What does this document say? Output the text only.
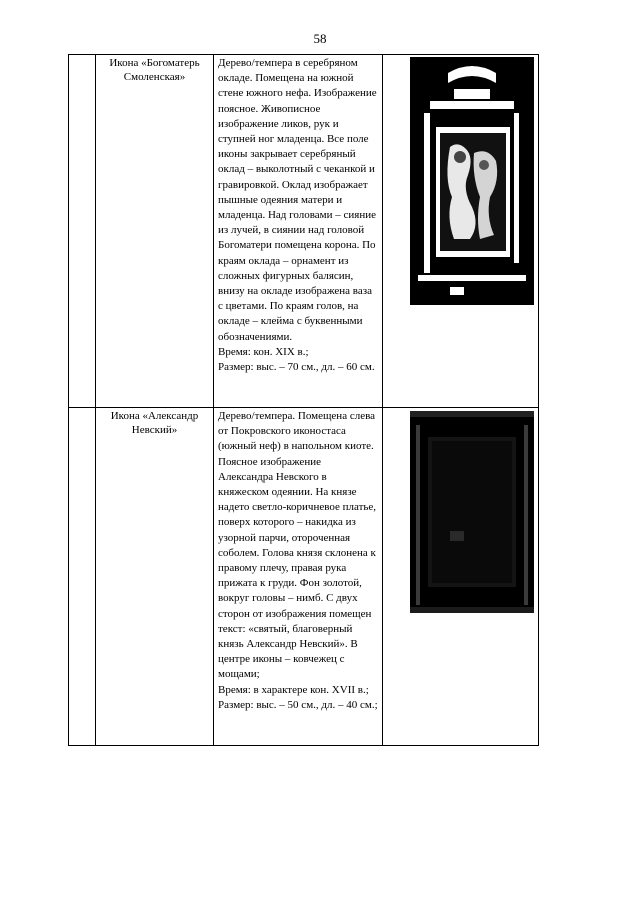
58

	Икона «Богоматерь Смоленская»	Дерево/темпера в серебряном окладе. Помещена на южной стене южного нефа. Изображение поясное. Живописное изображение ликов, рук и ступней ног младенца. Все поле иконы закрывает серебряный оклад – выколотный с чеканкой и гравировкой. Оклад изображает пышные одеяния матери и младенца. Над головами – сияние из лучей, в сиянии над головой Богоматери помещена корона. По краям оклада – орнамент из сложных фигурных балясин, внизу на окладе изображена ваза с цветами. По краям голов, на окладе – клейма с буквенными обозначениями.

Время: кон. XIX в.;

Размер: выс. – 70 см., дл. – 60 см.

	Икона «Александр Невский»	Дерево/темпера. Помещена слева от Покровского иконостаса (южный неф) в напольном киоте. Поясное изображение Александра Невского в княжеском одеянии. На князе надето светло-коричневое платье, поверх которого – накидка из узорной парчи, отороченная соболем. Голова князя склонена к правому плечу, правая рука прижата к груди. Фон золотой, вокруг головы – нимб. С двух сторон от изображения помещен текст: «святый, благоверный князь Александр Невский». В центре иконы – ковчежец с мощами;

Время: в характере кон. XVII в.;

Размер: выс. – 50 см., дл. – 40 см.;
